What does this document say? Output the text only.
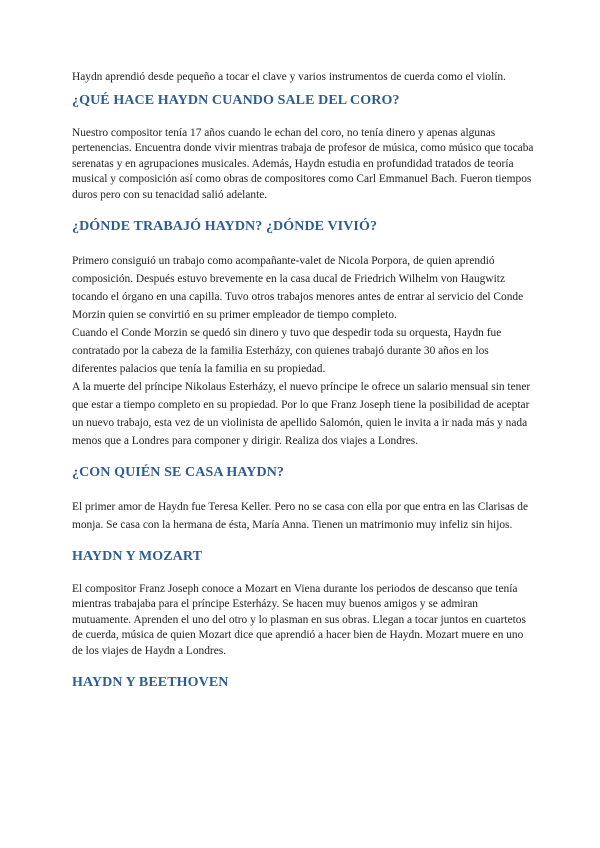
Haydn aprendió desde pequeño a tocar el clave y varios instrumentos de cuerda como el violín.

¿QUÉ HACE HAYDN CUANDO SALE DEL CORO?

Nuestro compositor tenía 17 años cuando le echan del coro, no tenía dinero y apenas algunas pertenencias. Encuentra donde vivir mientras trabaja de profesor de música, como músico que tocaba serenatas y en agrupaciones musicales. Además, Haydn estudia en profundidad tratados de teoría musical y composición así como obras de compositores como Carl Emmanuel Bach. Fueron tiempos duros pero con su tenacidad salió adelante.

¿DÓNDE TRABAJÓ HAYDN? ¿DÓNDE VIVIÓ?

Primero consiguió un trabajo como acompañante-valet de Nicola Porpora, de quien aprendió composición. Después estuvo brevemente en la casa ducal de Friedrich Wilhelm von Haugwitz tocando el órgano en una capilla. Tuvo otros trabajos menores antes de entrar al servicio del Conde Morzin quien se convirtió en su primer empleador de tiempo completo.

Cuando el Conde Morzin se quedó sin dinero y tuvo que despedir toda su orquesta, Haydn fue contratado por la cabeza de la familia Esterházy, con quienes trabajó durante 30 años en los diferentes palacios que tenía la familia en su propiedad.

A la muerte del príncipe Nikolaus Esterházy, el nuevo príncipe le ofrece un salario mensual sin tener que estar a tiempo completo en su propiedad. Por lo que Franz Joseph tiene la posibilidad de aceptar un nuevo trabajo, esta vez de un violinista de apellido Salomón, quien le invita a ir nada más y nada menos que a Londres para componer y dirigir. Realiza dos viajes a Londres.

¿CON QUIÉN SE CASA HAYDN?

El primer amor de Haydn fue Teresa Keller. Pero no se casa con ella por que entra en las Clarisas de monja. Se casa con la hermana de ésta, María Anna. Tienen un matrimonio muy infeliz sin hijos.

HAYDN Y MOZART

El compositor Franz Joseph conoce a Mozart en Viena durante los periodos de descanso que tenía mientras trabajaba para el príncipe Esterházy. Se hacen muy buenos amigos y se admiran mutuamente. Aprenden el uno del otro y lo plasman en sus obras. Llegan a tocar juntos en cuartetos de cuerda, música de quien Mozart dice que aprendió a hacer bien de Haydn. Mozart muere en uno de los viajes de Haydn a Londres.

HAYDN Y BEETHOVEN
